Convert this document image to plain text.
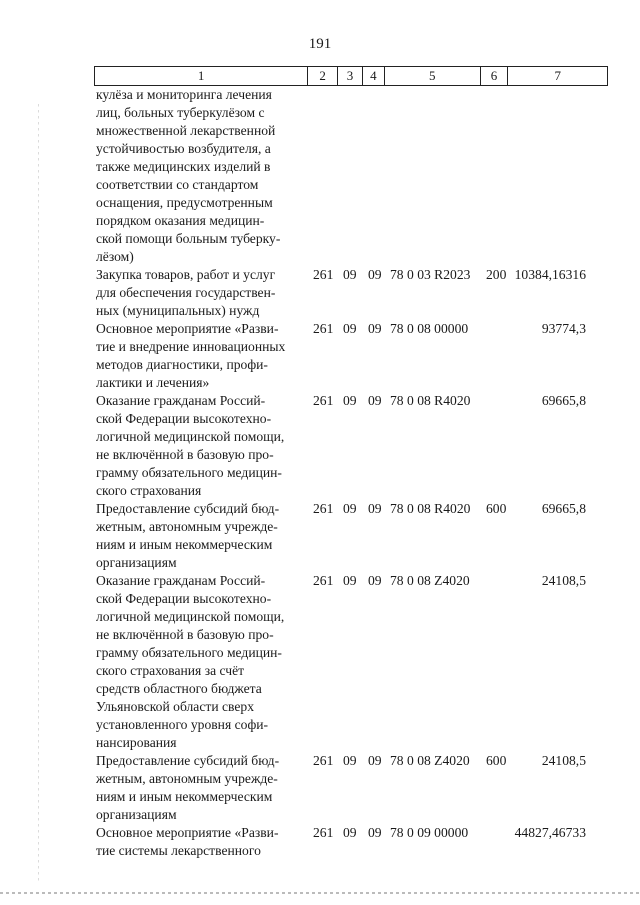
191
1	2	3	4	5	6	7
кулёза и мониторинга лечения
лиц, больных туберкулёзом с
множественной лекарственной
устойчивостью возбудителя, а
также медицинских изделий в
соответствии со стандартом
оснащения, предусмотренным
порядком оказания медицин-
ской помощи больным туберку-
лёзом)
Закупка товаров, работ и услуг
для обеспечения государствен-
ных (муниципальных) нужд
261 09 09 78 0 03 R2023 200 10384,16316
Основное мероприятие «Разви-
тие и внедрение инновационных
методов диагностики, профи-
лактики и лечения»
261 09 09 78 0 08 00000	93774,3
Оказание гражданам Россий-
ской Федерации высокотехно-
логичной медицинской помощи,
не включённой в базовую про-
грамму обязательного медицин-
ского страхования
261 09 09 78 0 08 R4020	69665,8
Предоставление субсидий бюд-
жетным, автономным учрежде-
ниям и иным некоммерческим
организациям
261 09 09 78 0 08 R4020 600	69665,8
Оказание гражданам Россий-
ской Федерации высокотехно-
логичной медицинской помощи,
не включённой в базовую про-
грамму обязательного медицин-
ского страхования за счёт
средств областного бюджета
Ульяновской области сверх
установленного уровня софи-
нансирования
261 09 09 78 0 08 Z4020	24108,5
Предоставление субсидий бюд-
жетным, автономным учрежде-
ниям и иным некоммерческим
организациям
261 09 09 78 0 08 Z4020 600	24108,5
Основное мероприятие «Разви-
тие системы лекарственного
261 09 09 78 0 09 00000	44827,46733
